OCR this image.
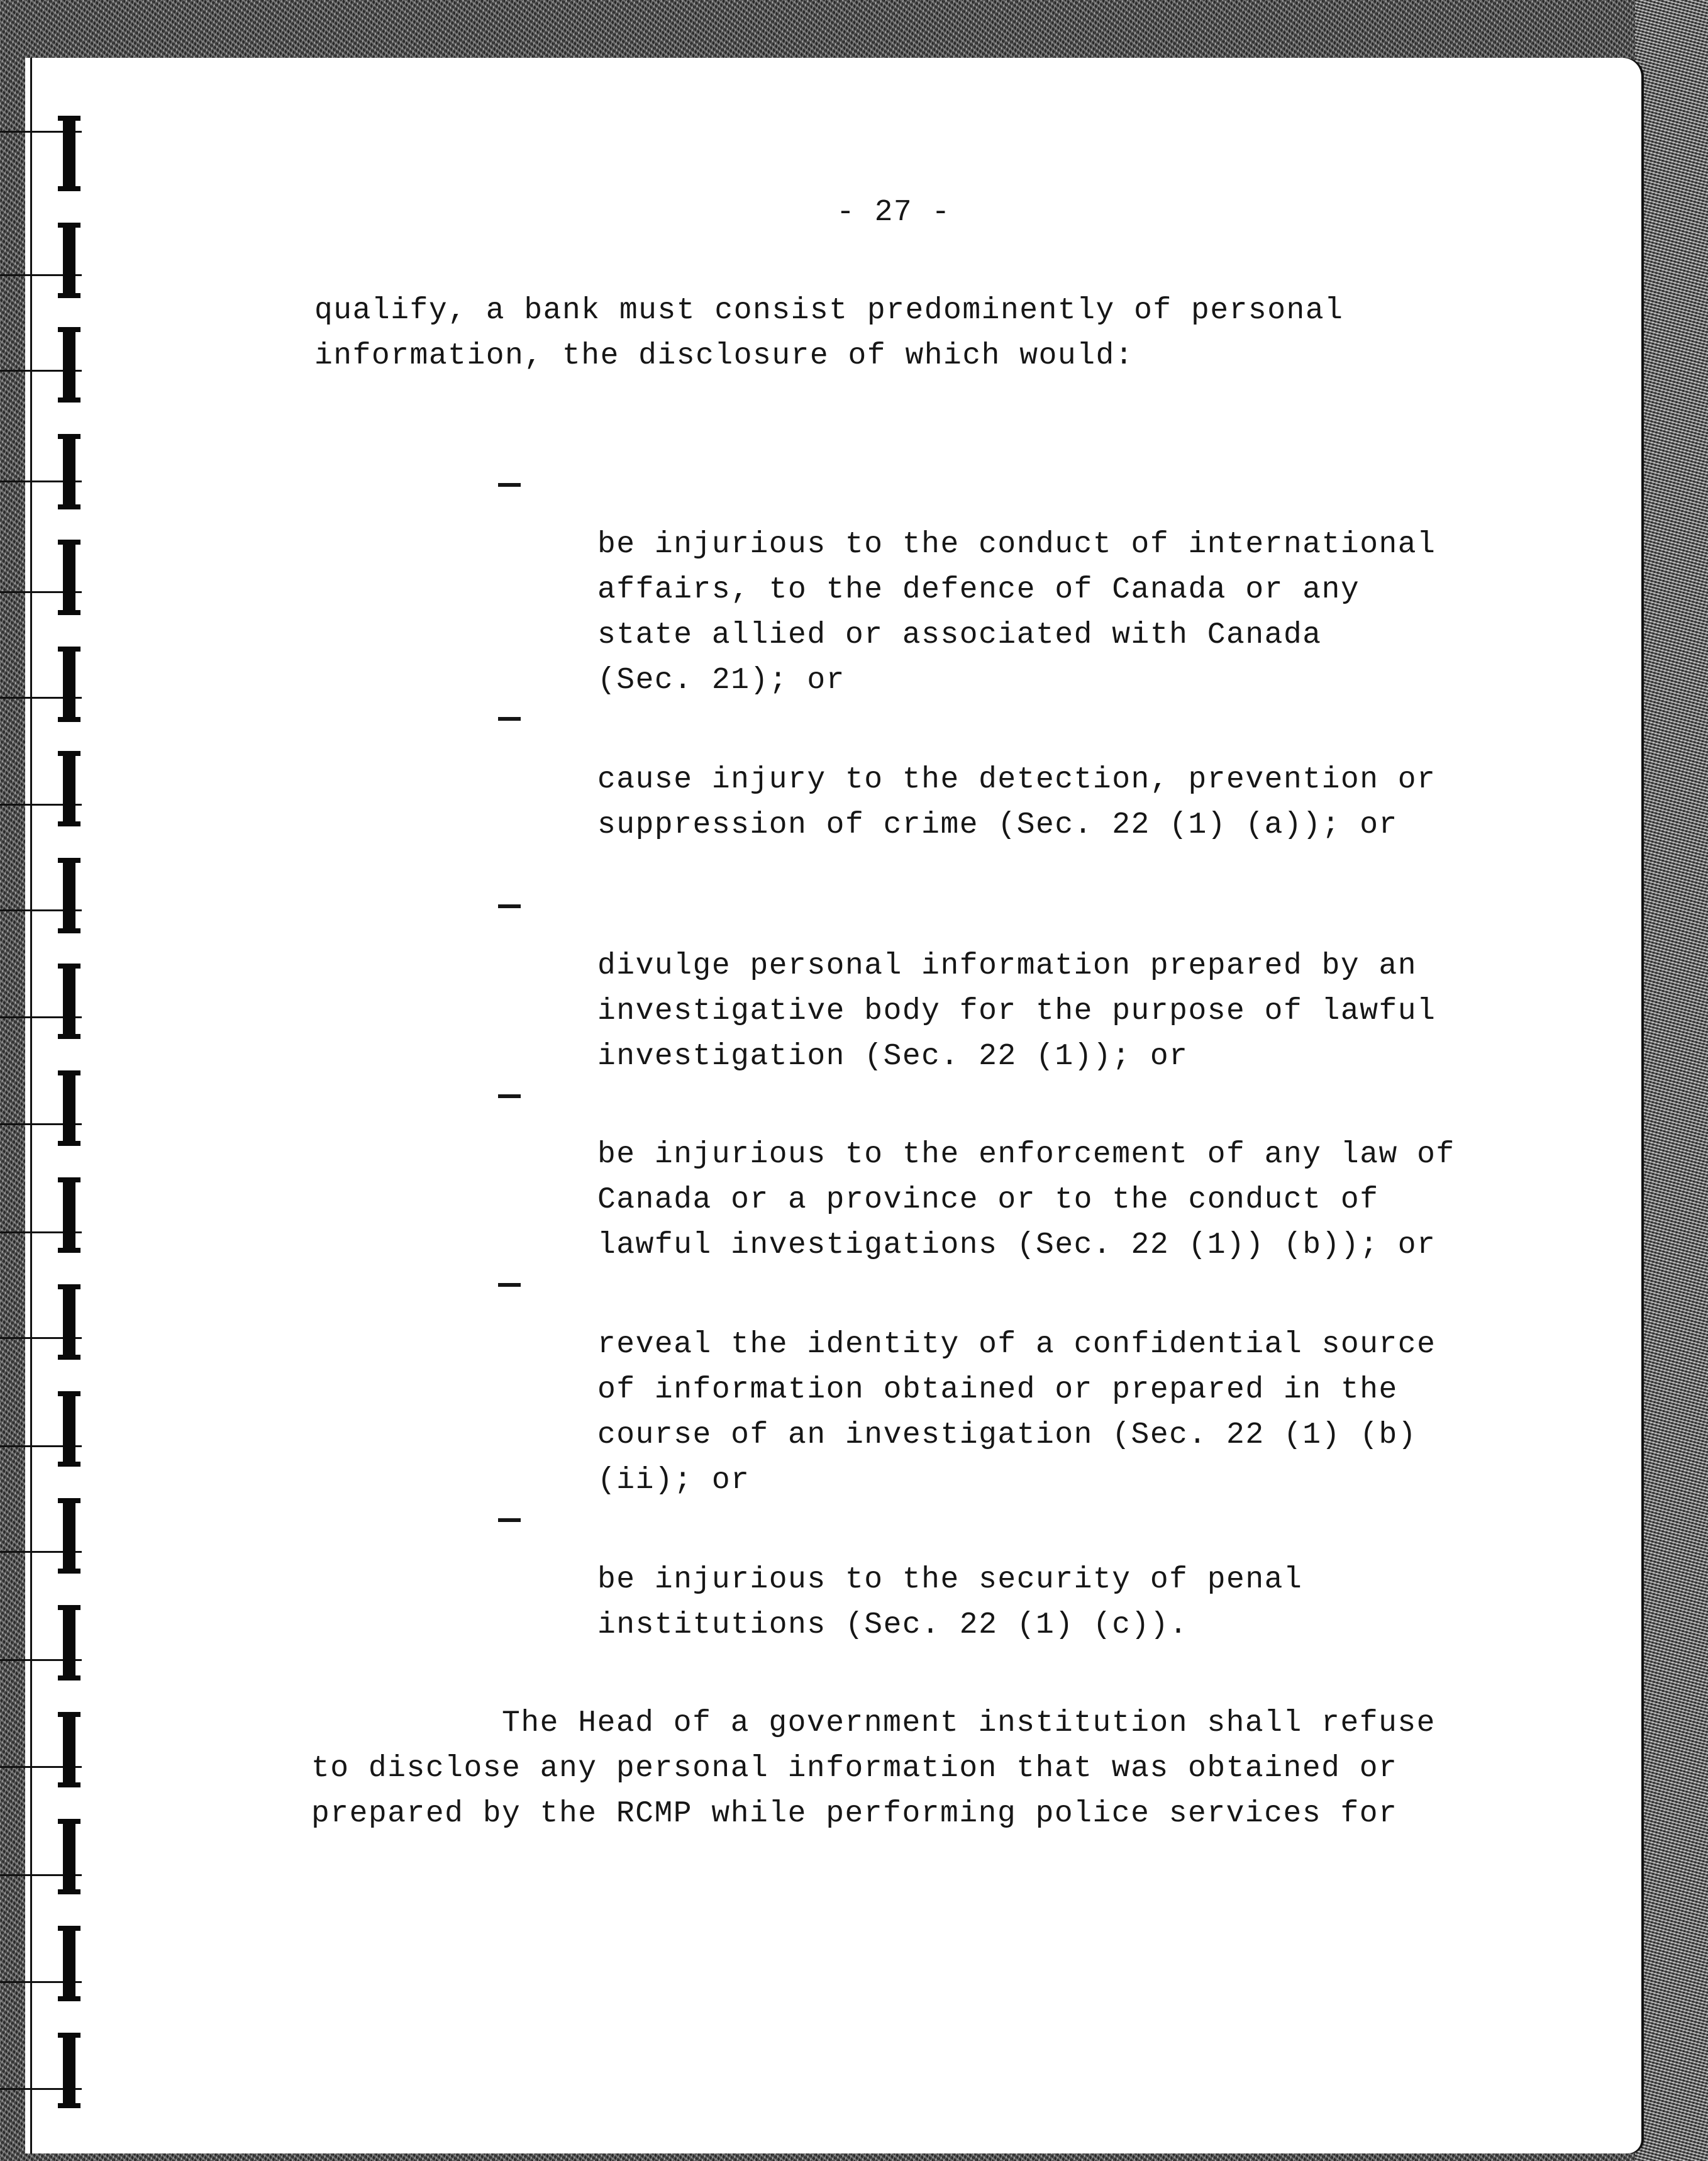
- 27 -
qualify, a bank must consist predominently of personal
information, the disclosure of which would:
be injurious to the conduct of international
affairs, to the defence of Canada or any
state allied or associated with Canada
(Sec. 21); or
cause injury to the detection, prevention or
suppression of crime (Sec. 22 (1) (a)); or
divulge personal information prepared by an
investigative body for the purpose of lawful
investigation (Sec. 22 (1)); or
be injurious to the enforcement of any law of
Canada or a province or to the conduct of
lawful investigations (Sec. 22 (1)) (b)); or
reveal the identity of a confidential source
of information obtained or prepared in the
course of an investigation (Sec. 22 (1) (b)
(ii); or
be injurious to the security of penal
institutions (Sec. 22 (1) (c)).
The Head of a government institution shall refuse
to disclose any personal information that was obtained or
prepared by the RCMP while performing police services for
